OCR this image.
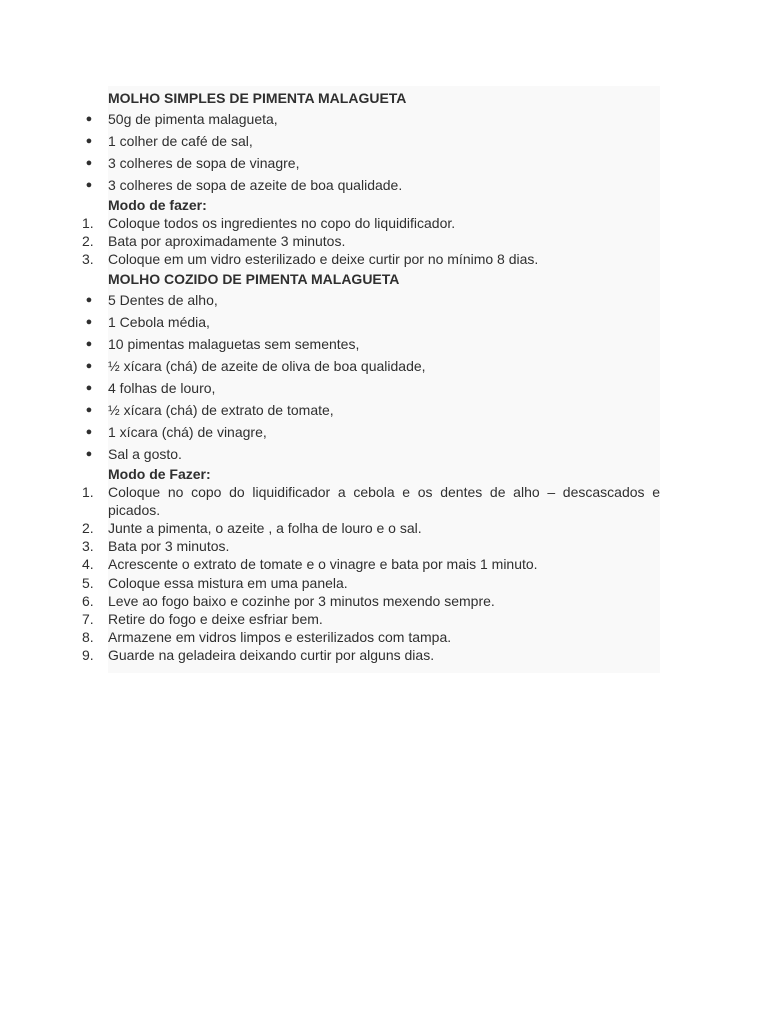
MOLHO SIMPLES DE PIMENTA MALAGUETA

● 50g de pimenta malagueta,
● 1 colher de café de sal,
● 3 colheres de sopa de vinagre,
● 3 colheres de sopa de azeite de boa qualidade.

Modo de fazer:

1.	Coloque todos os ingredientes no copo do liquidificador.
2.	Bata por aproximadamente 3 minutos.
3.	Coloque em um vidro esterilizado e deixe curtir por no mínimo 8 dias.

MOLHO COZIDO DE PIMENTA MALAGUETA

● 5 Dentes de alho,
● 1 Cebola média,
● 10 pimentas malaguetas sem sementes,
● ½ xícara (chá) de azeite de oliva de boa qualidade,
● 4 folhas de louro,
● ½ xícara (chá) de extrato de tomate,
● 1 xícara (chá) de vinagre,
● Sal a gosto.

Modo de Fazer:

1.	Coloque no copo do liquidificador a cebola e os dentes de alho – descascados e picados.
2.	Junte a pimenta, o azeite , a folha de louro e o sal.
3.	Bata por 3 minutos.
4.	Acrescente o extrato de tomate e o vinagre e bata por mais 1 minuto.
5.	Coloque essa mistura em uma panela.
6.	Leve ao fogo baixo e cozinhe por 3 minutos mexendo sempre.
7.	Retire do fogo e deixe esfriar bem.
8.	Armazene em vidros limpos e esterilizados com tampa.
9.	Guarde na geladeira deixando curtir por alguns dias.
